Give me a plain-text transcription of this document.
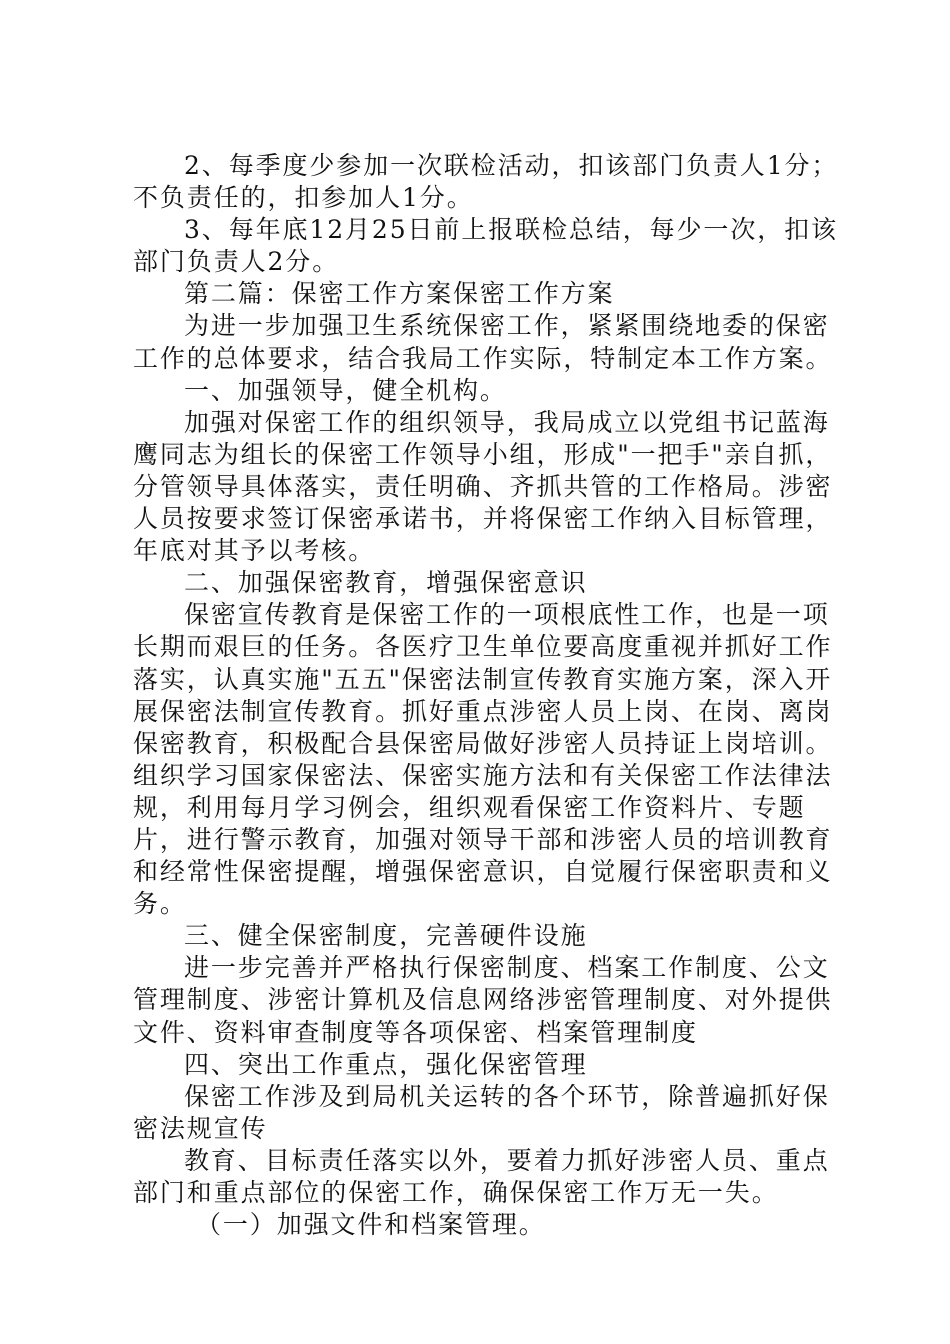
2、每季度少参加一次联检活动，扣该部门负责人1分；不负责任的，扣参加人1分。

3、每年底12月25日前上报联检总结，每少一次，扣该部门负责人2分。

第二篇：保密工作方案保密工作方案

为进一步加强卫生系统保密工作，紧紧围绕地委的保密工作的总体要求，结合我局工作实际，特制定本工作方案。

一、加强领导，健全机构。

加强对保密工作的组织领导，我局成立以党组书记蓝海鹰同志为组长的保密工作领导小组，形成"一把手"亲自抓，分管领导具体落实，责任明确、齐抓共管的工作格局。涉密人员按要求签订保密承诺书，并将保密工作纳入目标管理，年底对其予以考核。

二、加强保密教育，增强保密意识

保密宣传教育是保密工作的一项根底性工作，也是一项长期而艰巨的任务。各医疗卫生单位要高度重视并抓好工作落实，认真实施"五五"保密法制宣传教育实施方案，深入开展保密法制宣传教育。抓好重点涉密人员上岗、在岗、离岗保密教育，积极配合县保密局做好涉密人员持证上岗培训。组织学习国家保密法、保密实施方法和有关保密工作法律法规，利用每月学习例会，组织观看保密工作资料片、专题片，进行警示教育，加强对领导干部和涉密人员的培训教育和经常性保密提醒，增强保密意识，自觉履行保密职责和义务。

三、健全保密制度，完善硬件设施

进一步完善并严格执行保密制度、档案工作制度、公文管理制度、涉密计算机及信息网络涉密管理制度、对外提供文件、资料审查制度等各项保密、档案管理制度

四、突出工作重点，强化保密管理

保密工作涉及到局机关运转的各个环节，除普遍抓好保密法规宣传

教育、目标责任落实以外，要着力抓好涉密人员、重点部门和重点部位的保密工作，确保保密工作万无一失。

（一）加强文件和档案管理。
